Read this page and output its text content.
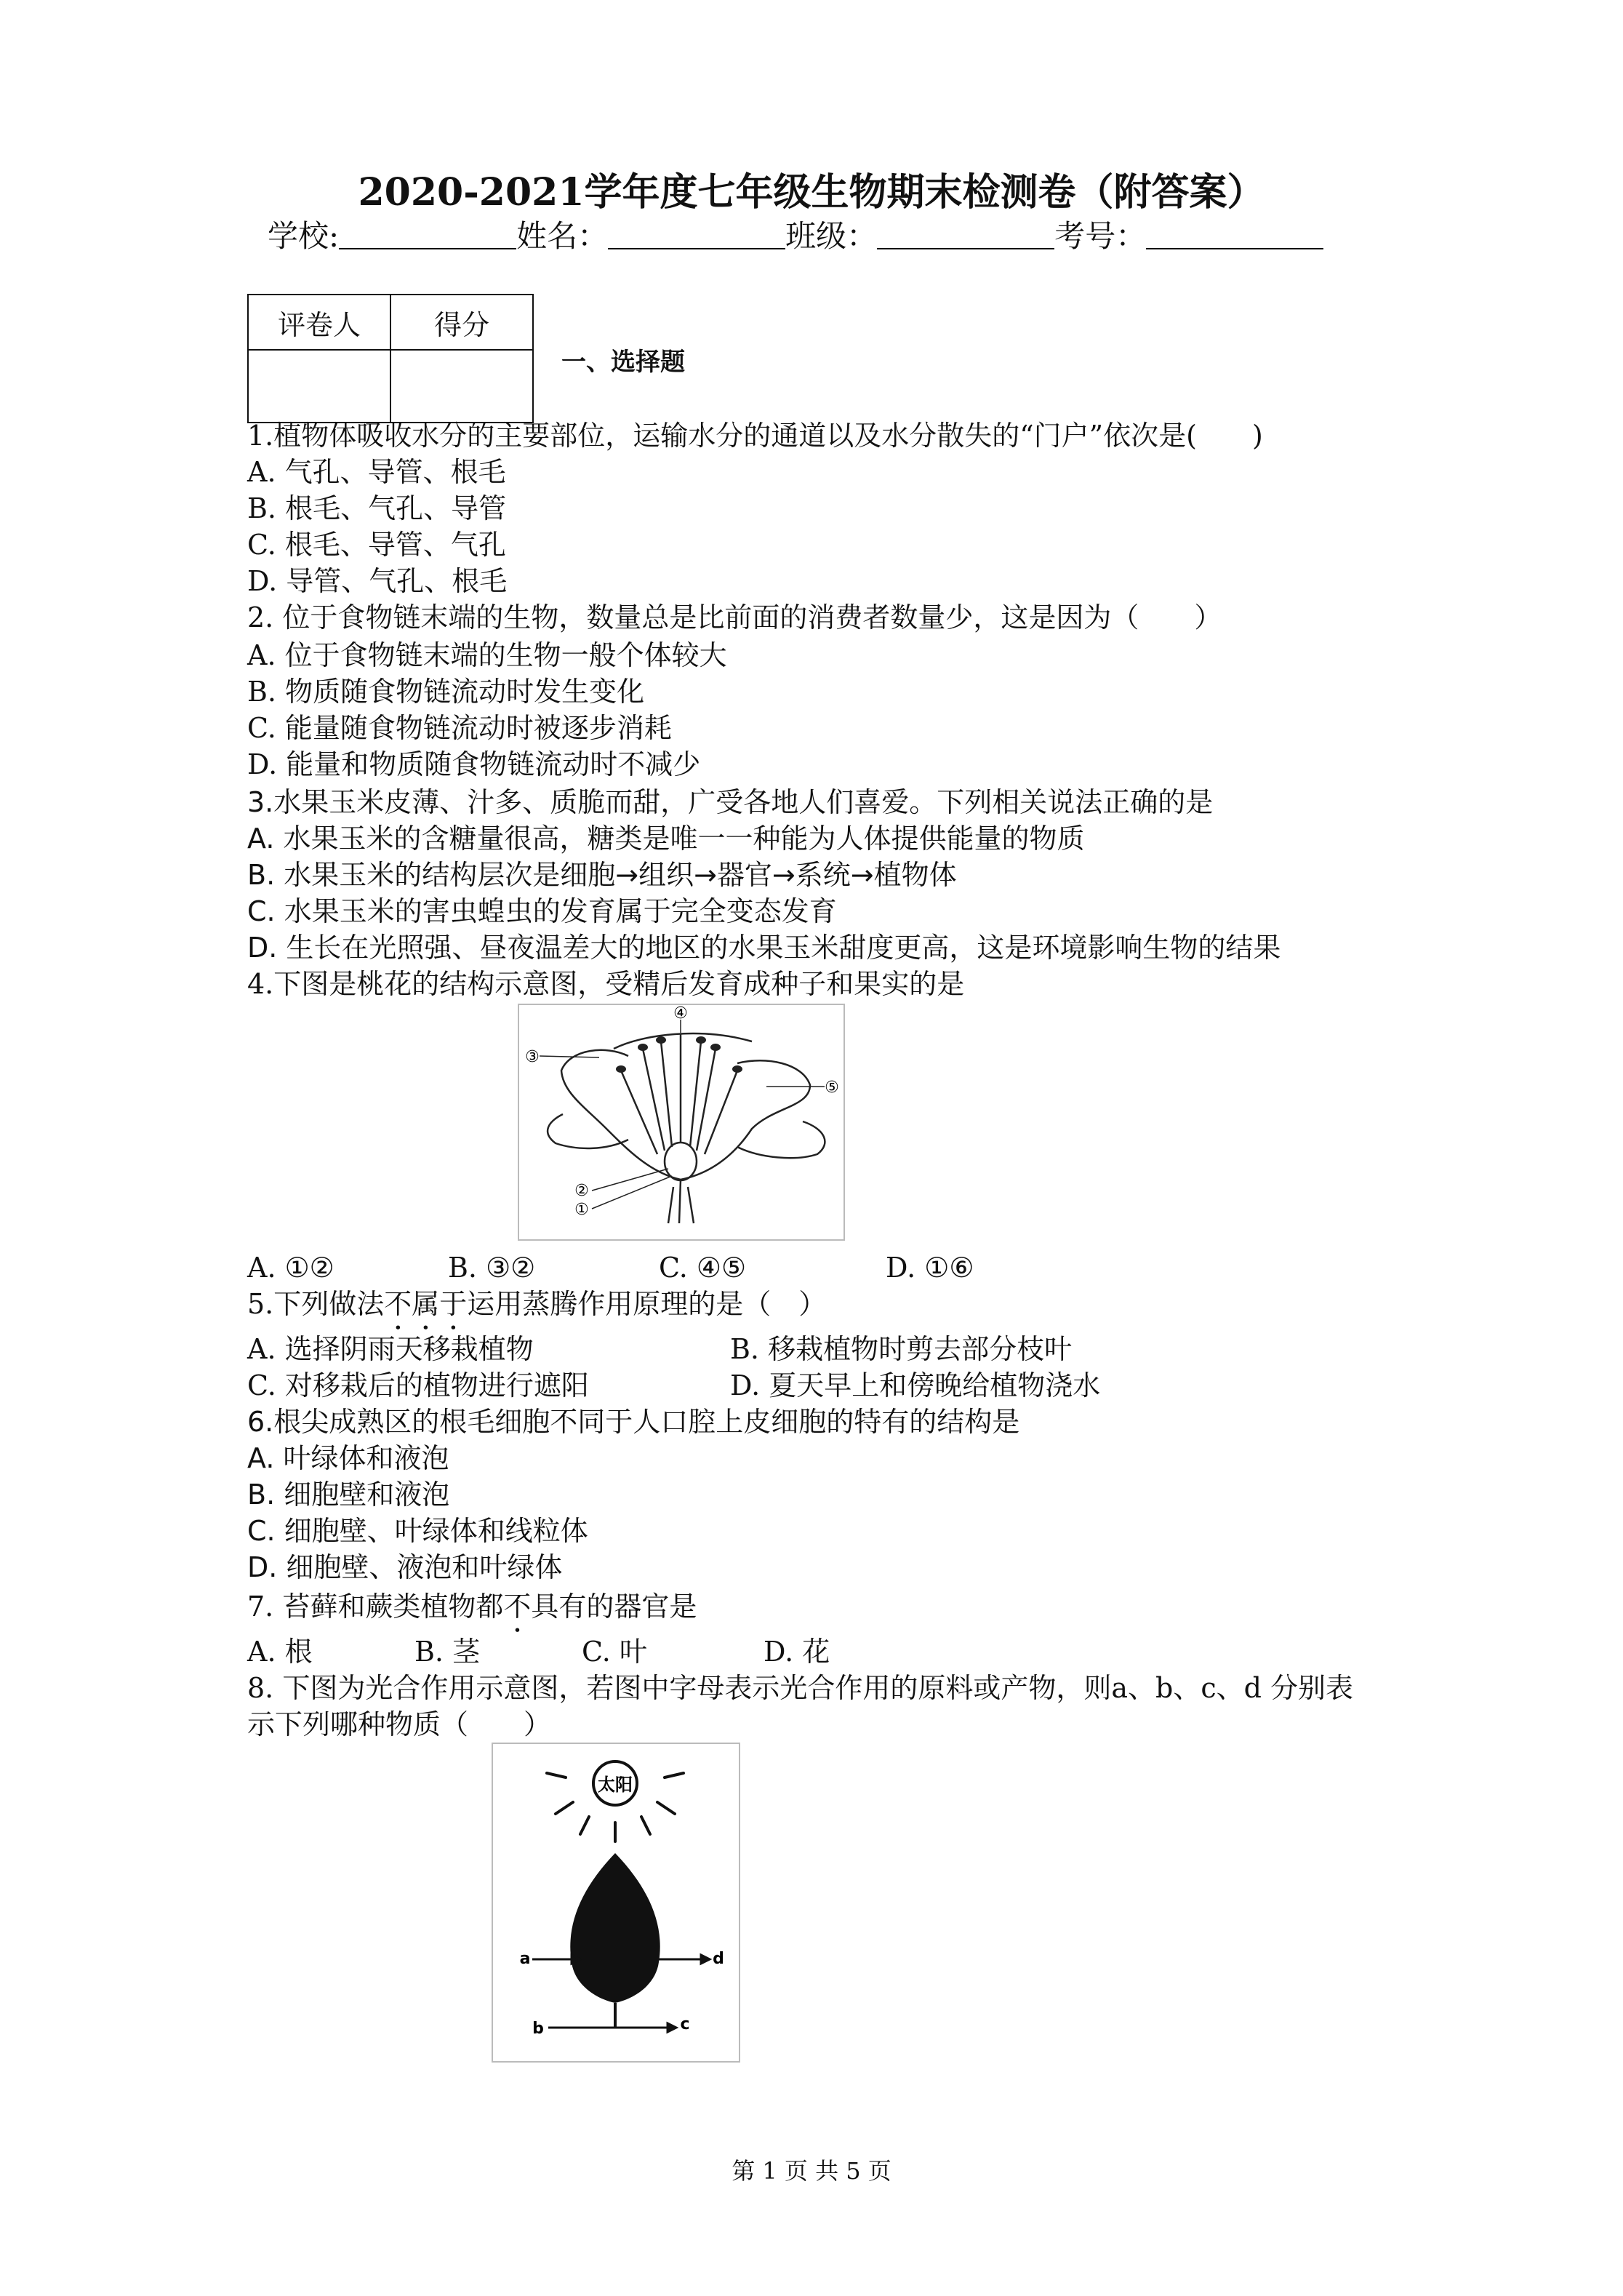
2020-2021学年度七年级生物期末检测卷（附答案）
学校:	姓名：	班级：	考号：
评卷人	得分

一、选择题
1.植物体吸收水分的主要部位，运输水分的通道以及水分散失的“门户”依次是(　　)
A. 气孔、导管、根毛
B. 根毛、气孔、导管
C. 根毛、导管、气孔
D. 导管、气孔、根毛
2. 位于食物链末端的生物，数量总是比前面的消费者数量少，这是因为（　　）
A. 位于食物链末端的生物一般个体较大
B. 物质随食物链流动时发生变化
C. 能量随食物链流动时被逐步消耗
D. 能量和物质随食物链流动时不减少
3.水果玉米皮薄、汁多、质脆而甜，广受各地人们喜爱。下列相关说法正确的是
A. 水果玉米的含糖量很高，糖类是唯一一种能为人体提供能量的物质
B. 水果玉米的结构层次是细胞→组织→器官→系统→植物体
C. 水果玉米的害虫蝗虫的发育属于完全变态发育
D. 生长在光照强、昼夜温差大的地区的水果玉米甜度更高，这是环境影响生物的结果
4.下图是桃花的结构示意图，受精后发育成种子和果实的是
④
③
⑤
②
①
A. ①②	B. ③②	C. ④⑤	D. ①⑥
5.下列做法不属于运用蒸腾作用原理的是（　）
A. 选择阴雨天移栽植物	B. 移栽植物时剪去部分枝叶
C. 对移栽后的植物进行遮阳	D. 夏天早上和傍晚给植物浇水
6.根尖成熟区的根毛细胞不同于人口腔上皮细胞的特有的结构是
A. 叶绿体和液泡
B. 细胞壁和液泡
C. 细胞壁、叶绿体和线粒体
D. 细胞壁、液泡和叶绿体
7. 苔藓和蕨类植物都不具有的器官是
A. 根	B. 茎	C. 叶	D. 花
8. 下图为光合作用示意图，若图中字母表示光合作用的原料或产物，则a、b、c、d 分别表
示下列哪种物质（　　）
太阳
a
b	c
d
第 1 页 共 5 页
